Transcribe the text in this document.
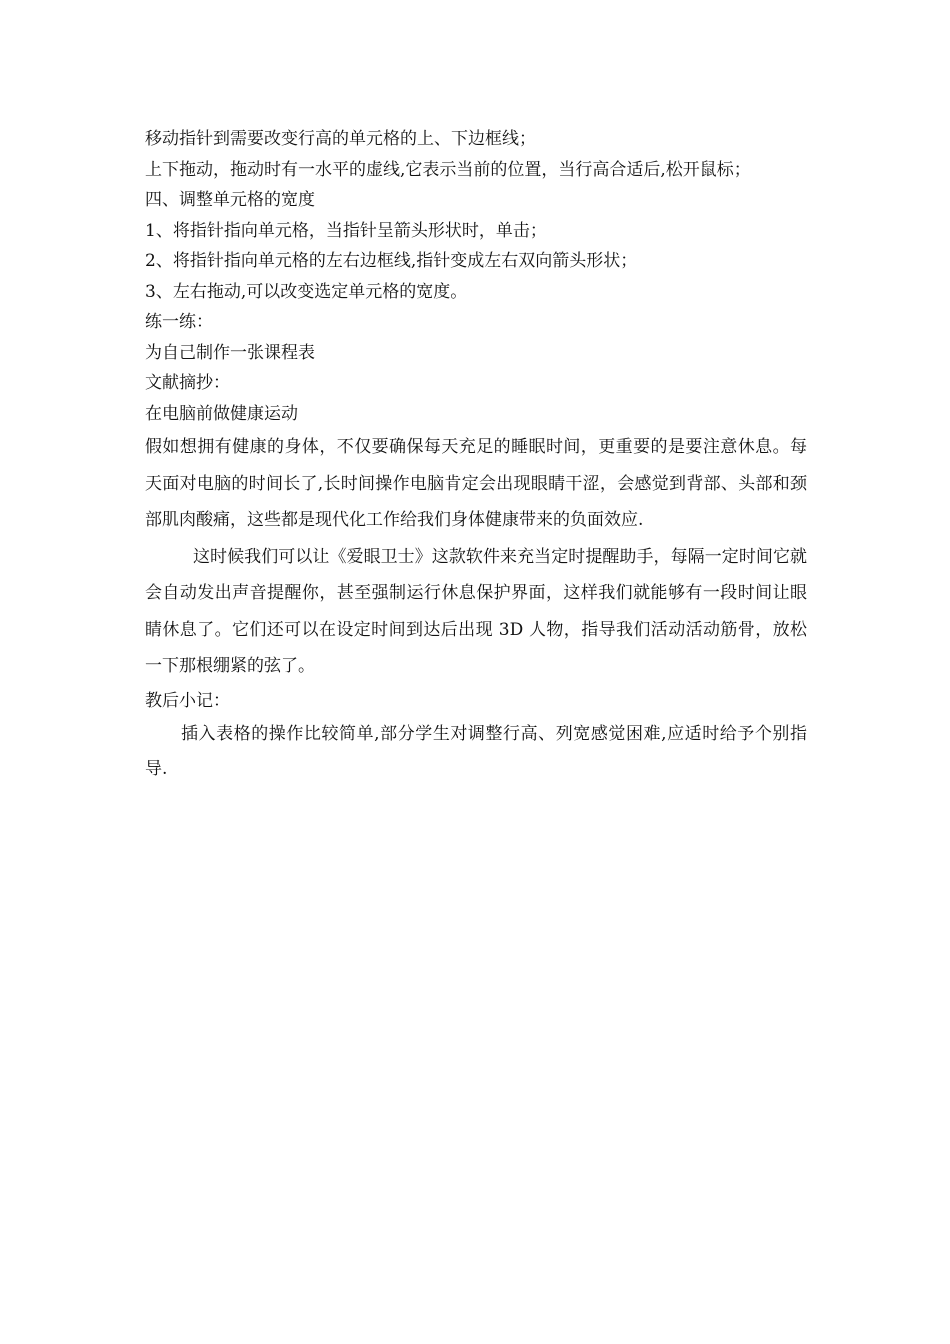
移动指针到需要改变行高的单元格的上、下边框线；
上下拖动，拖动时有一水平的虚线,它表示当前的位置，当行高合适后,松开鼠标；
四、调整单元格的宽度
1、将指针指向单元格，当指针呈箭头形状时，单击；
2、将指针指向单元格的左右边框线,指针变成左右双向箭头形状；
3、左右拖动,可以改变选定单元格的宽度。
练一练：
为自己制作一张课程表
文献摘抄：
在电脑前做健康运动
假如想拥有健康的身体，不仅要确保每天充足的睡眠时间，更重要的是要注意休息。每天面对电脑的时间长了,长时间操作电脑肯定会出现眼睛干涩，会感觉到背部、头部和颈部肌肉酸痛，这些都是现代化工作给我们身体健康带来的负面效应.
这时候我们可以让《爱眼卫士》这款软件来充当定时提醒助手，每隔一定时间它就会自动发出声音提醒你，甚至强制运行休息保护界面，这样我们就能够有一段时间让眼睛休息了。它们还可以在设定时间到达后出现 3D 人物，指导我们活动活动筋骨，放松一下那根绷紧的弦了。
教后小记：
插入表格的操作比较简单,部分学生对调整行高、列宽感觉困难,应适时给予个别指导.
